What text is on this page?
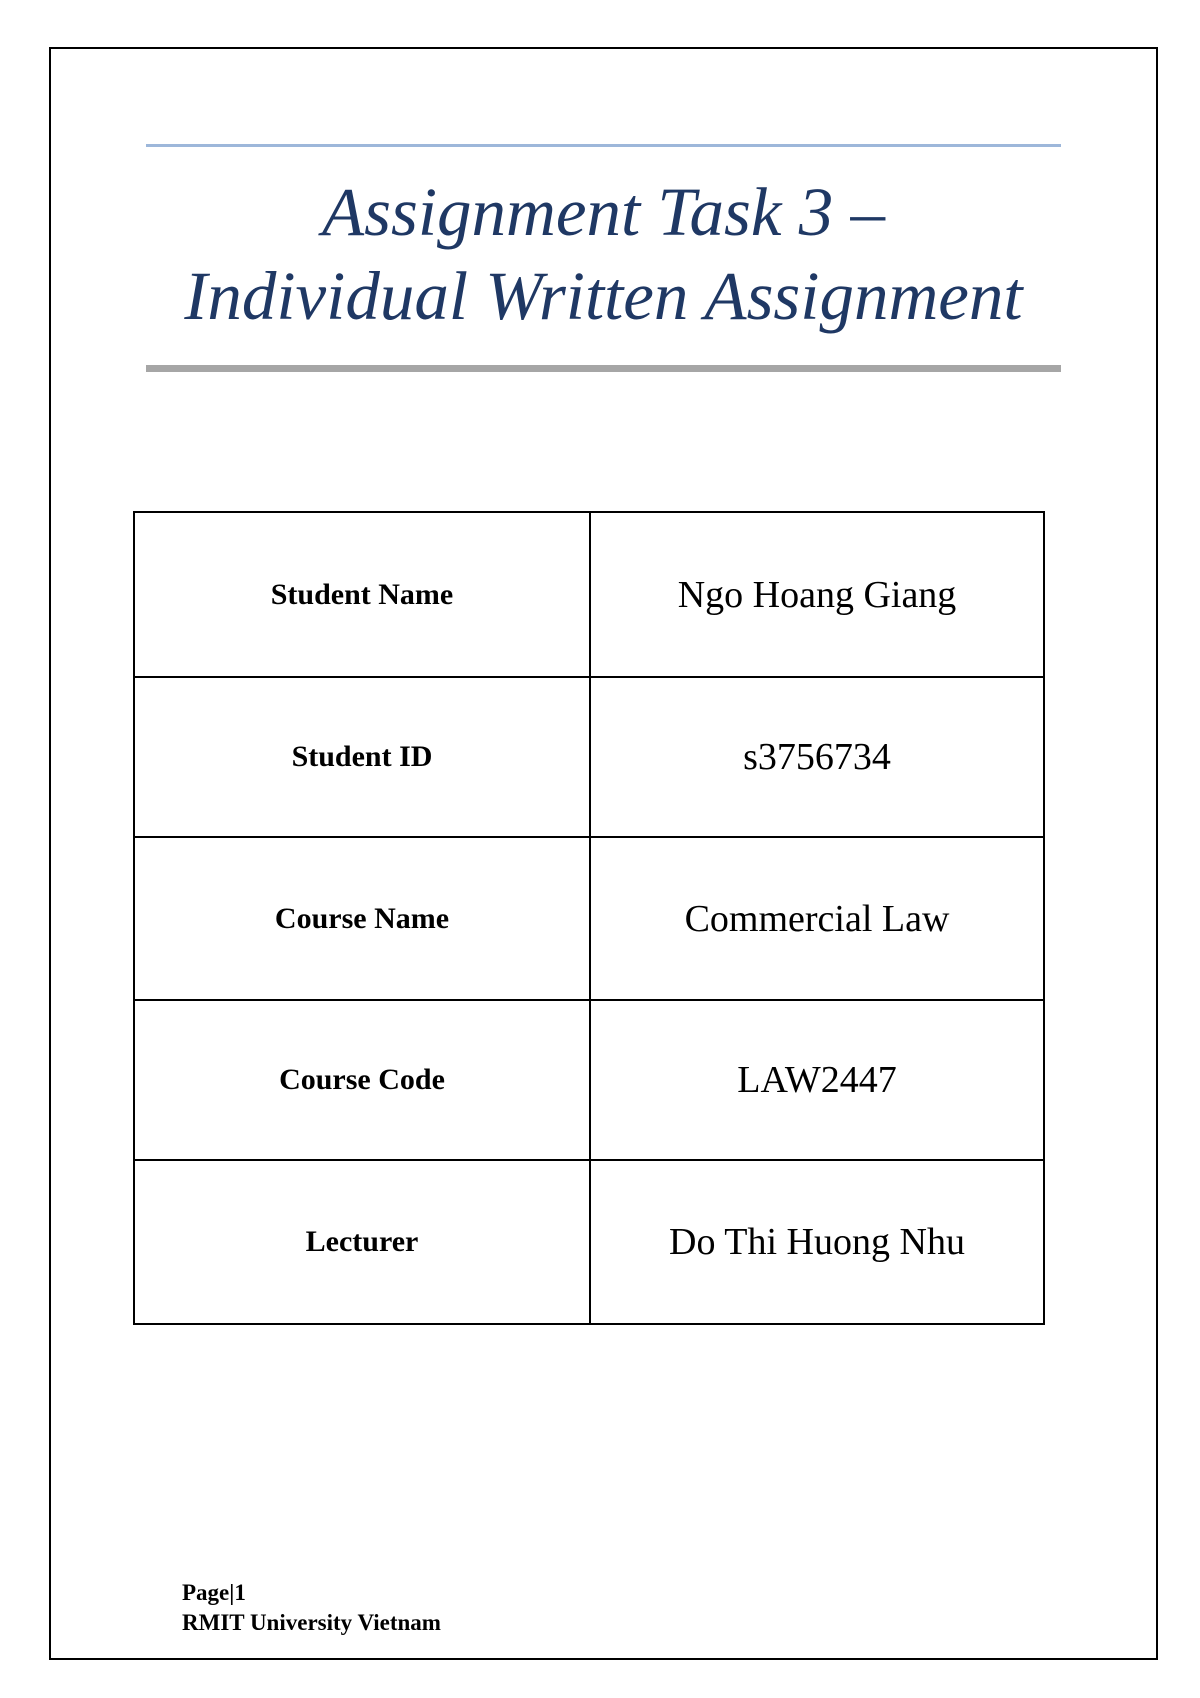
Assignment Task 3 –
Individual Written Assignment
Student Name	Ngo Hoang Giang
Student ID	s3756734
Course Name	Commercial Law
Course Code	LAW2447
Lecturer	Do Thi Huong Nhu
Page|1
RMIT University Vietnam
